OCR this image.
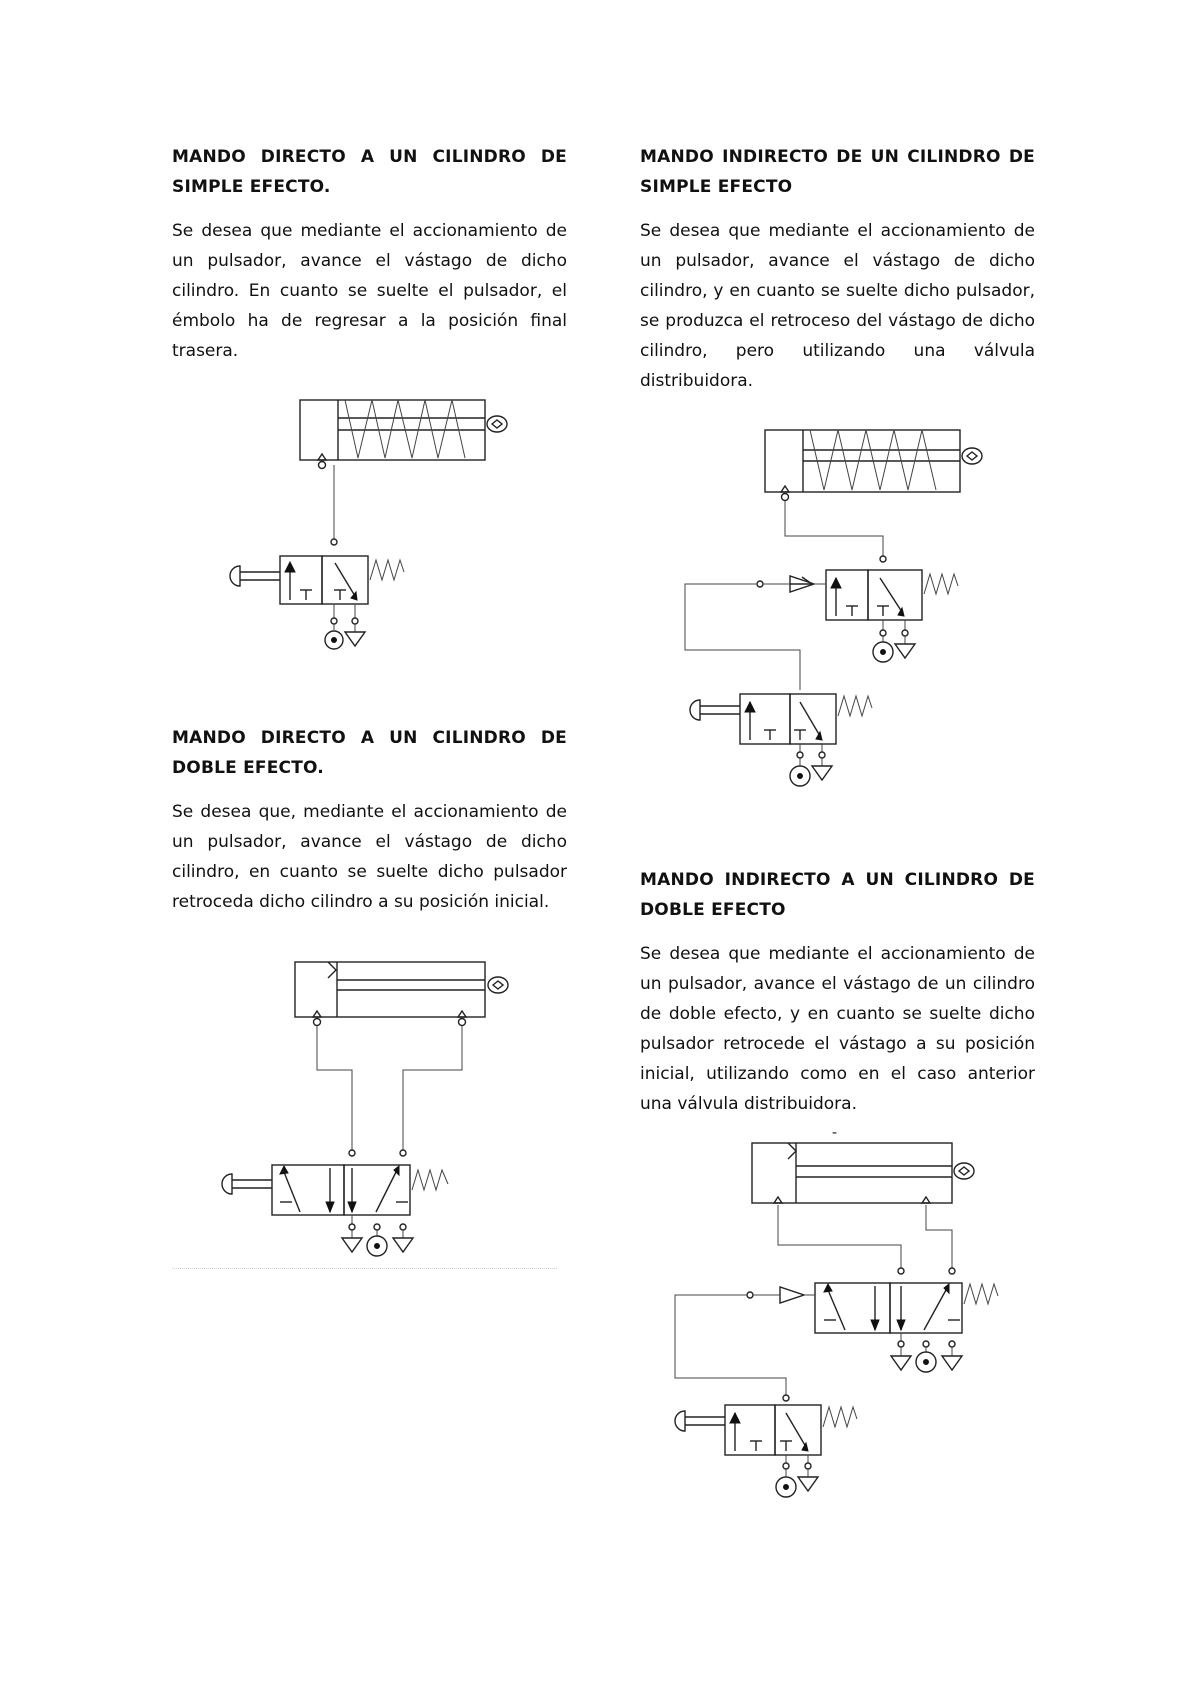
MANDO DIRECTO A UN CILINDRO DE SIMPLE EFECTO.

Se desea que mediante el accionamiento de un pulsador, avance el vástago de dicho cilindro. En cuanto se suelte el pulsador, el émbolo ha de regresar a la posición final trasera.

MANDO DIRECTO A UN CILINDRO DE DOBLE EFECTO.

Se desea que, mediante el accionamiento de un pulsador, avance el vástago de dicho cilindro, en cuanto se suelte dicho pulsador retroceda dicho cilindro a su posición inicial.

MANDO INDIRECTO DE UN CILINDRO DE SIMPLE EFECTO

Se desea que mediante el accionamiento de un pulsador, avance el vástago de dicho cilindro, y en cuanto se suelte dicho pulsador, se produzca el retroceso del vástago de dicho cilindro, pero utilizando una válvula distribuidora.

MANDO INDIRECTO A UN CILINDRO DE DOBLE EFECTO

Se desea que mediante el accionamiento de un pulsador, avance el vástago de un cilindro de doble efecto, y en cuanto se suelte dicho pulsador retrocede el vástago a su posición inicial, utilizando como en el caso anterior una válvula distribuidora.

-
